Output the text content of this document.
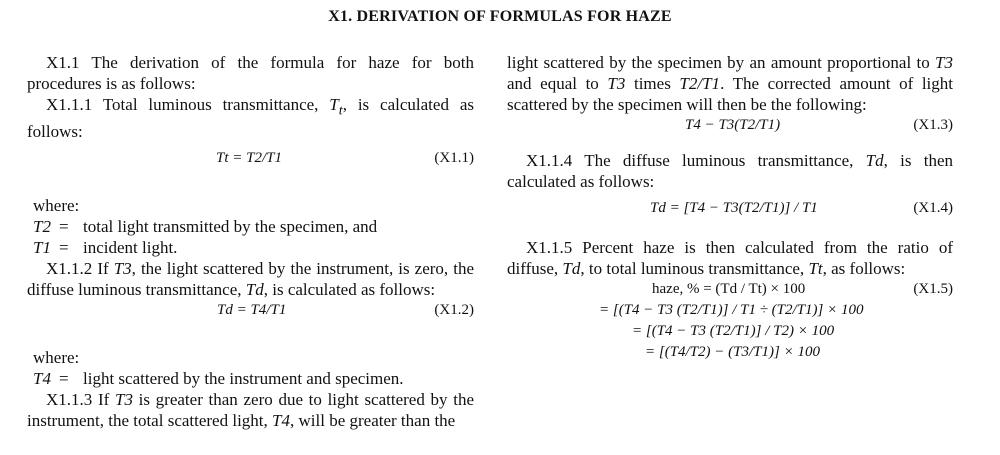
X1. DERIVATION OF FORMULAS FOR HAZE

X1.1 The derivation of the formula for haze for both procedures is as follows:

X1.1.1 Total luminous transmittance, $T_t$, is calculated as follows:

Tt = T2/T1	(X1.1)

where:

T2 = total light transmitted by the specimen, and

T1 = incident light.

X1.1.2 If T3, the light scattered by the instrument, is zero, the diffuse luminous transmittance, Td, is calculated as follows:

Td = T4/T1	(X1.2)

where:

T4 = light scattered by the instrument and specimen.

X1.1.3 If T3 is greater than zero due to light scattered by the instrument, the total scattered light, T4, will be greater than the

light scattered by the specimen by an amount proportional to T3 and equal to T3 times T2/T1. The corrected amount of light scattered by the specimen will then be the following:

T4 − T3(T2/T1)	(X1.3)

X1.1.4 The diffuse luminous transmittance, Td, is then calculated as follows:

Td = [T4 − T3(T2/T1)] / T1	(X1.4)

X1.1.5 Percent haze is then calculated from the ratio of diffuse, Td, to total luminous transmittance, Tt, as follows:

haze, % = (Td / Tt) × 100	(X1.5)
= [(T4 − T3 (T2/T1)] / T1 ÷ (T2/T1)] × 100
= [(T4 − T3 (T2/T1)] / T2) × 100
= [(T4/T2) − (T3/T1)] × 100
